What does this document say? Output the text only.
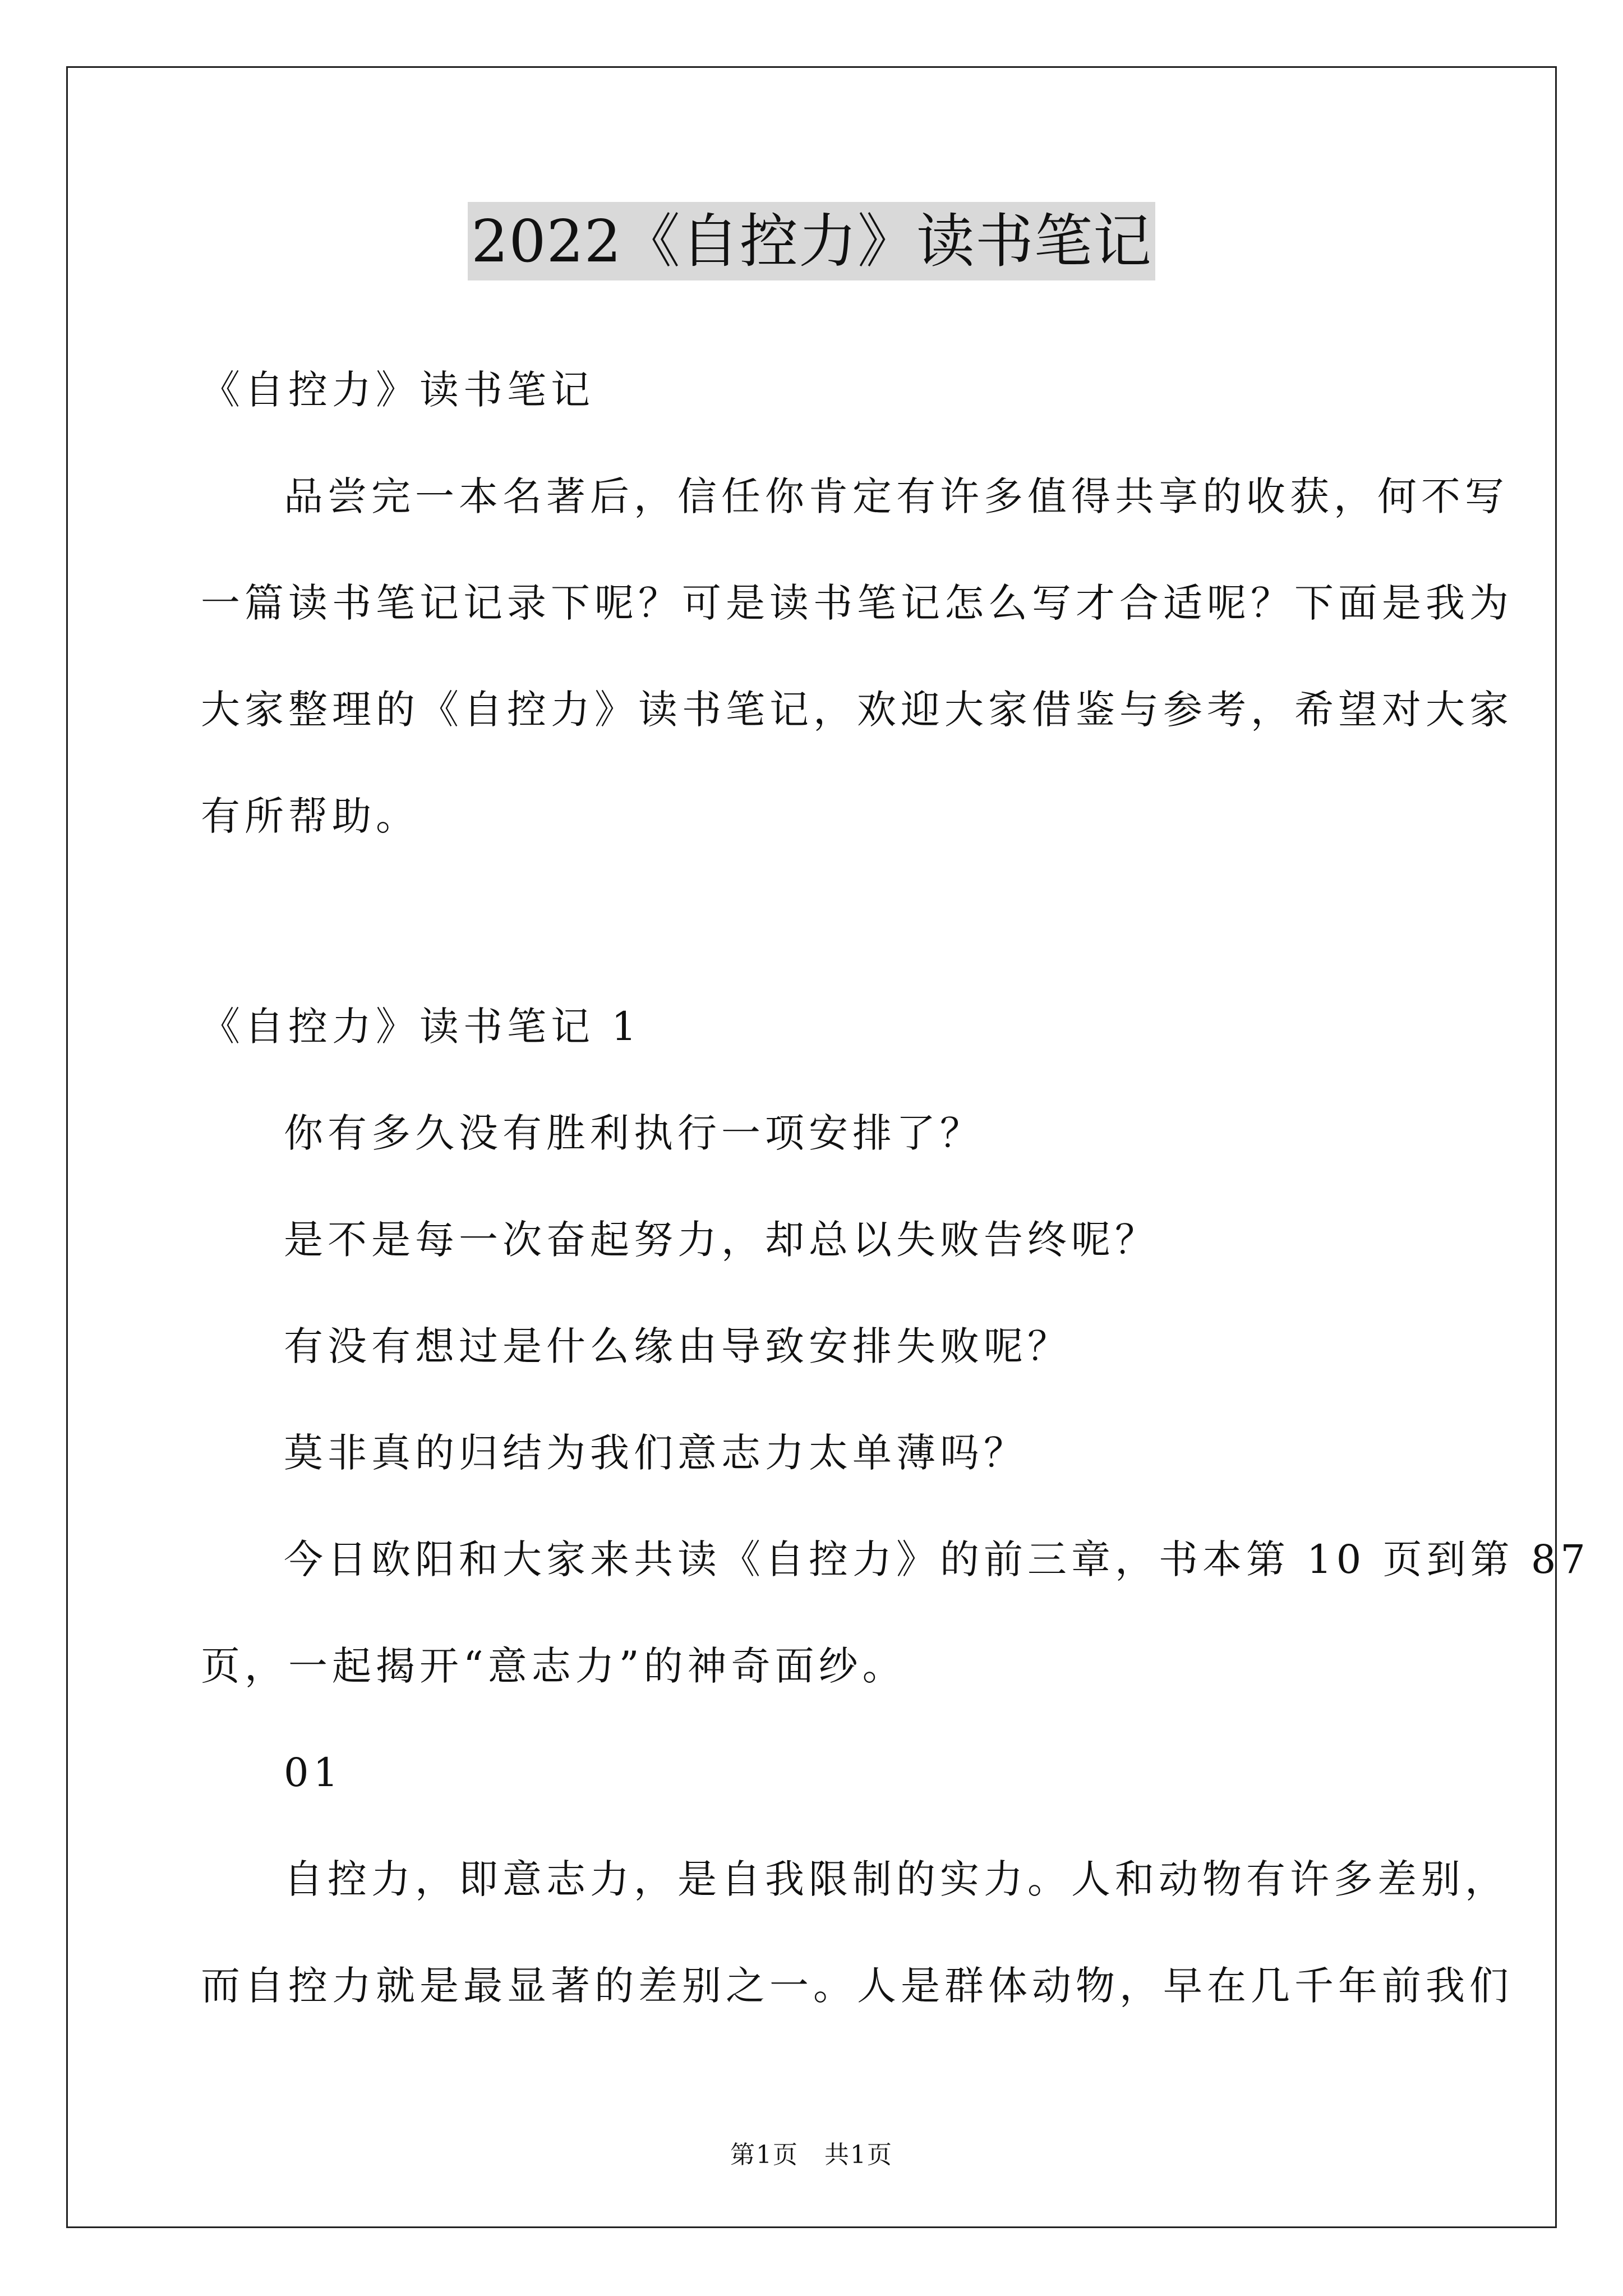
2022《自控力》读书笔记
《自控力》读书笔记
品尝完一本名著后，信任你肯定有许多值得共享的收获，何不写
一篇读书笔记记录下呢？可是读书笔记怎么写才合适呢？下面是我为
大家整理的《自控力》读书笔记，欢迎大家借鉴与参考，希望对大家
有所帮助。
《自控力》读书笔记 1
你有多久没有胜利执行一项安排了？
是不是每一次奋起努力，却总以失败告终呢？
有没有想过是什么缘由导致安排失败呢？
莫非真的归结为我们意志力太单薄吗？
今日欧阳和大家来共读《自控力》的前三章，书本第 10 页到第 87
页，一起揭开“意志力”的神奇面纱。
01
自控力，即意志力，是自我限制的实力。人和动物有许多差别，
而自控力就是最显著的差别之一。人是群体动物，早在几千年前我们
第1页　共1页
